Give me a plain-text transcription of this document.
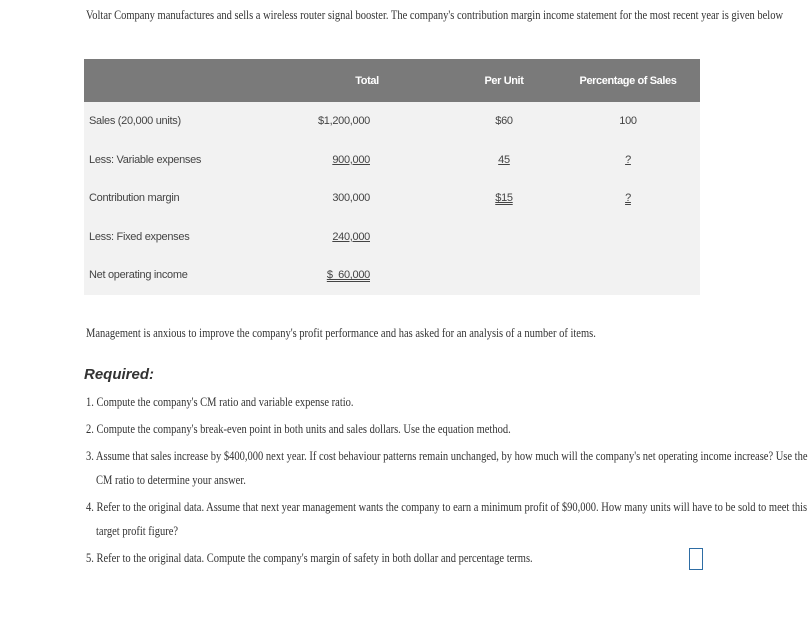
Voltar Company manufactures and sells a wireless router signal booster. The company's contribution margin income statement for the most recent year is given below
	Total	Per Unit	Percentage of Sales
Sales (20,000 units)	$1,200,000	$60	100
Less: Variable expenses	900,000	45	?
Contribution margin	300,000	$15	?
Less: Fixed expenses	240,000		
Net operating income	$  60,000		
Management is anxious to improve the company's profit performance and has asked for an analysis of a number of items.
Required:
1. Compute the company's CM ratio and variable expense ratio.
2. Compute the company's break-even point in both units and sales dollars. Use the equation method.
3. Assume that sales increase by $400,000 next year. If cost behaviour patterns remain unchanged, by how much will the company's net operating income increase? Use the
CM ratio to determine your answer.
4. Refer to the original data. Assume that next year management wants the company to earn a minimum profit of $90,000. How many units will have to be sold to meet this
target profit figure?
5. Refer to the original data. Compute the company's margin of safety in both dollar and percentage terms.
